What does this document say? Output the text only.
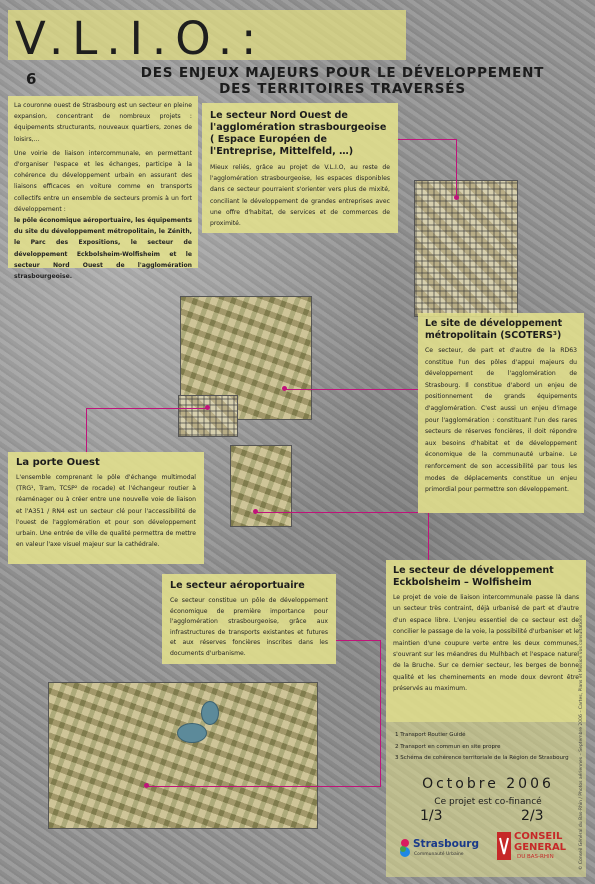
V.L.I.O.:
6	DES ENJEUX MAJEURS POUR LE DÉVELOPPEMENT
DES TERRITOIRES TRAVERSÉS

La couronne ouest de Strasbourg est un secteur en pleine expansion, concentrant de nombreux projets : équipements structurants, nouveaux quartiers, zones de loisirs,…

Une voirie de liaison intercommunale, en permettant d'organiser l'espace et les échanges, participe à la cohérence du développement urbain en assurant des liaisons efficaces en voiture comme en transports collectifs entre un ensemble de secteurs promis à un fort développement :

le pôle économique aéroportuaire, les équipements du site du développement métropolitain, le Zénith, le Parc des Expositions, le secteur de développement Eckbolsheim-Wolfisheim et le secteur Nord Ouest de l'agglomération strasbourgeoise.

Le secteur Nord Ouest de l'agglomération strasbourgeoise ( Espace Européen de l'Entreprise, Mittelfeld, …)

Mieux reliés, grâce au projet de V.L.I.O, au reste de l'agglomération strasbourgeoise, les espaces disponibles dans ce secteur pourraient s'orienter vers plus de mixité, conciliant le développement de grandes entreprises avec une offre d'habitat, de services et de commerces de proximité.

Le site de développement métropolitain (SCOTERS³)

Ce secteur, de part et d'autre de la RD63 constitue l'un des pôles d'appui majeurs du développement de l'agglomération de Strasbourg. Il constitue d'abord un enjeu de positionnement de grands équipements d'agglomération. C'est aussi un enjeu d'image pour l'agglomération : constituant l'un des rares secteurs de réserves foncières, il doit répondre aux besoins d'habitat et de développement économique de la communauté urbaine. Le renforcement de son accessibilité par tous les modes de déplacements constitue un enjeu primordial pour permettre son développement.

La porte Ouest

L'ensemble comprenant le pôle d'échange multimodal (TRG¹, Tram, TCSP² de rocade) et l'échangeur routier à réaménager ou à créer entre une nouvelle voie de liaison et l'A351 / RN4 est un secteur clé pour l'accessibilité de l'ouest de l'agglomération et pour son développement urbain. Une entrée de ville de qualité permettra de mettre en valeur l'axe visuel majeur sur la cathédrale.

Le secteur de développement Eckbolsheim – Wolfisheim

Le projet de voie de liaison intercommunale passe là dans un secteur très contraint, déjà urbanisé de part et d'autre d'un espace libre. L'enjeu essentiel de ce secteur est de concilier le passage de la voie, la possibilité d'urbaniser et le maintien d'une coupure verte entre les deux communes, s'ouvrant sur les méandres du Mulhbach et l'espace naturel de la Bruche. Sur ce dernier secteur, les berges de bonne qualité et les cheminements en mode doux devront être préservés au maximum.

Le secteur aéroportuaire

Ce secteur constitue un pôle de développement économique de première importance pour l'agglomération strasbourgeoise, grâce aux infrastructures de transports existantes et futures et aux réserves foncières inscrites dans les documents d'urbanisme.

1 Transport Routier Guidé
2 Transport en commun en site propre
3 Schéma de cohérence territoriale de la Région de Strasbourg
Octobre 2006
Ce projet est co-financé
1/3	2/3
Strasbourg
Communauté Urbaine
CONSEIL
GENERAL
DU BAS-RHIN	© Conseil Général du Bas-Rhin / Photos aériennes – Septembre 2006 – Cartes, Plans et Mission vos consultations
